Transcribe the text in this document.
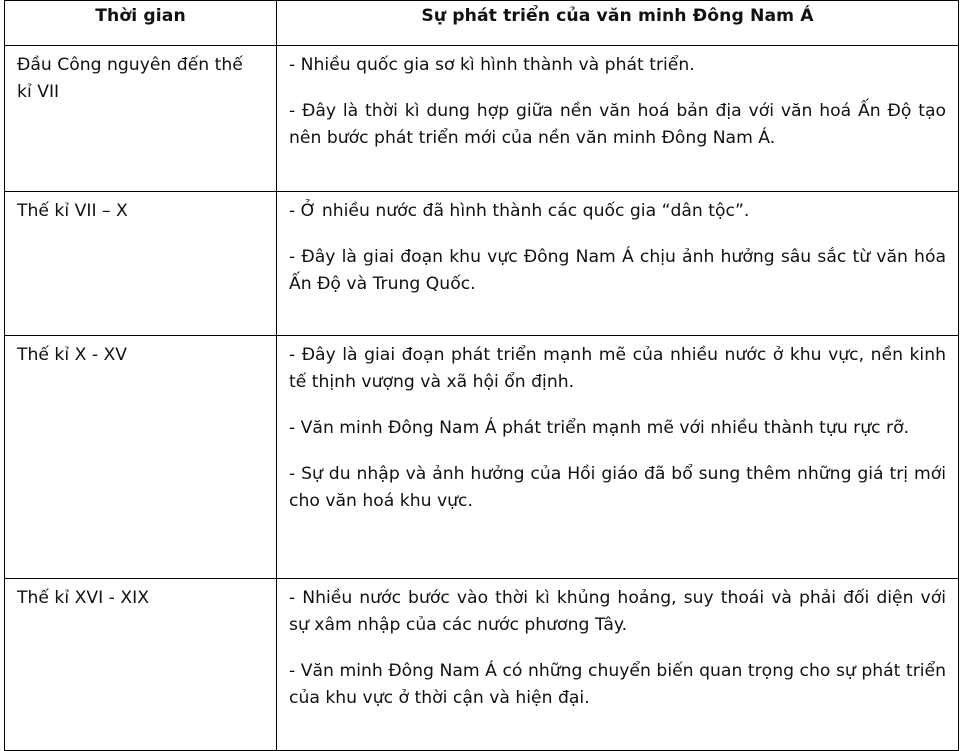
Thời gian	Sự phát triển của văn minh Đông Nam Á
Đầu Công nguyên đến thế kỉ VII	- Nhiều quốc gia sơ kì hình thành và phát triển.

- Đây là thời kì dung hợp giữa nền văn hoá bản địa với văn hoá Ấn Độ tạo nên bước phát triển mới của nền văn minh Đông Nam Á.

Thế kỉ VII – X	- Ở nhiều nước đã hình thành các quốc gia “dân tộc”.

- Đây là giai đoạn khu vực Đông Nam Á chịu ảnh hưởng sâu sắc từ văn hóa Ấn Độ và Trung Quốc.

Thế kỉ X - XV	- Đây là giai đoạn phát triển mạnh mẽ của nhiều nước ở khu vực, nền kinh tế thịnh vượng và xã hội ổn định.

- Văn minh Đông Nam Á phát triển mạnh mẽ với nhiều thành tựu rực rỡ.

- Sự du nhập và ảnh hưởng của Hồi giáo đã bổ sung thêm những giá trị mới cho văn hoá khu vực.

Thế kỉ XVI - XIX	- Nhiều nước bước vào thời kì khủng hoảng, suy thoái và phải đối diện với sự xâm nhập của các nước phương Tây.

- Văn minh Đông Nam Á có những chuyển biến quan trọng cho sự phát triển của khu vực ở thời cận và hiện đại.
